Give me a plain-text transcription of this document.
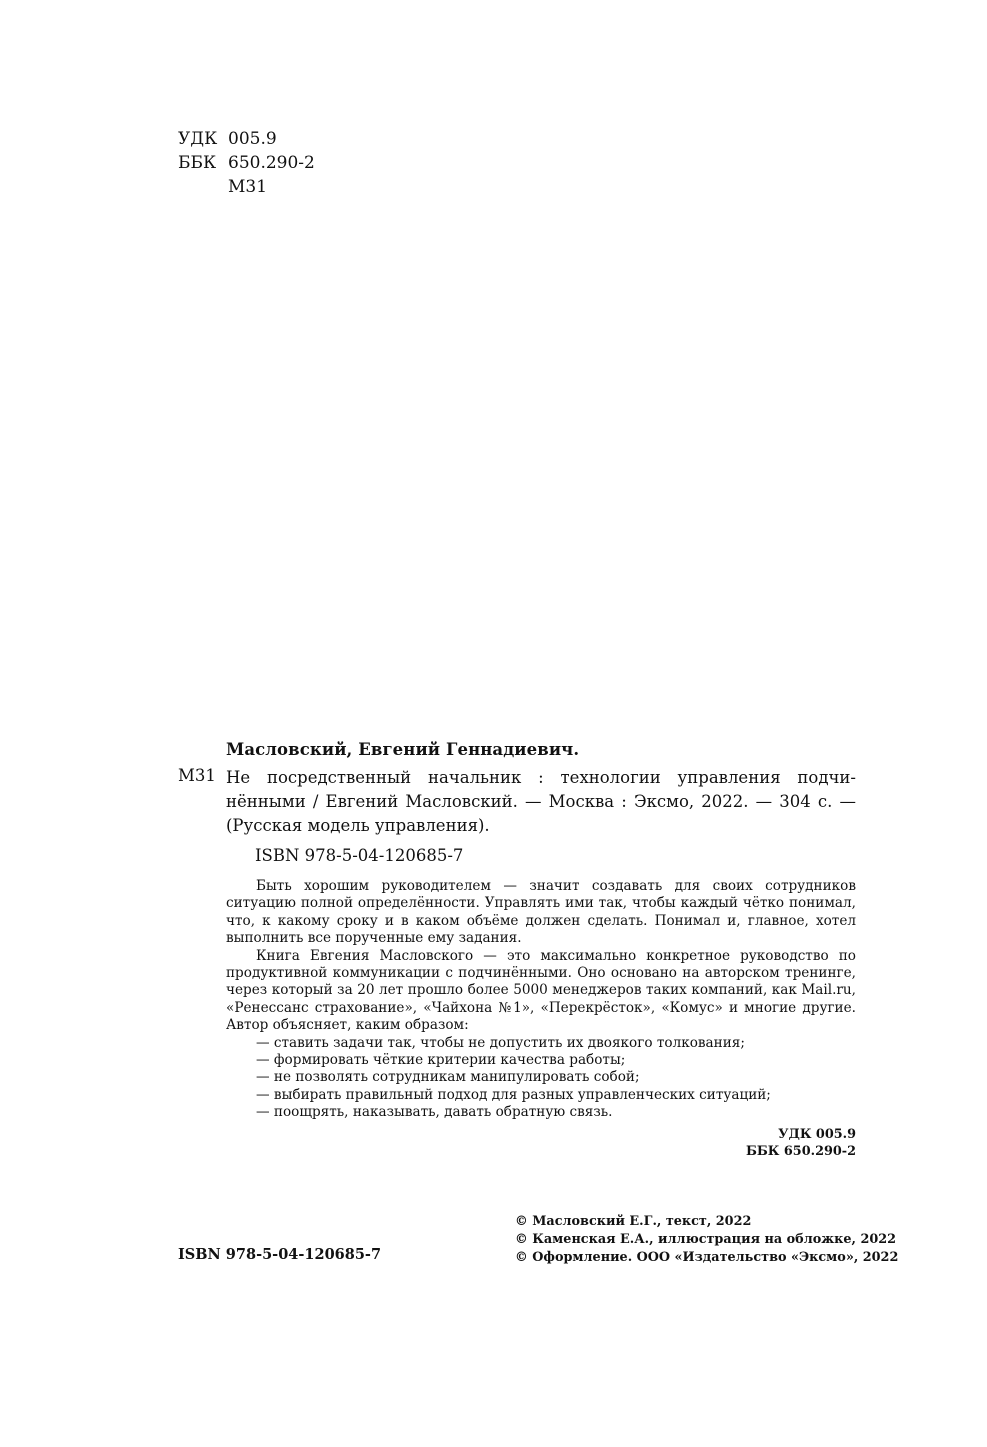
УДК 005.9
ББК 650.290-2
М31
Масловский, Евгений Геннадиевич.
М31 Не посредственный начальник : технологии управления подчи-нёнными / Евгений Масловский. — Москва : Эксмо, 2022. — 304 с. — (Русская модель управления).
ISBN 978-5-04-120685-7

Быть хорошим руководителем — значит создавать для своих сотрудников ситуацию полной определённости. Управлять ими так, чтобы каждый чётко понимал, что, к какому сроку и в каком объёме должен сделать. Понимал и, главное, хотел выполнить все порученные ему задания.

Книга Евгения Масловского — это максимально конкретное руководство по продуктивной коммуникации с подчинёнными. Оно основано на авторском тренинге, через который за 20 лет прошло более 5000 менеджеров таких компаний, как Mail.ru, «Ренессанс страхование», «Чайхона №1», «Перекрёсток», «Комус» и многие другие. Автор объясняет, каким образом:

— ставить задачи так, чтобы не допустить их двоякого толкования;
— формировать чёткие критерии качества работы;
— не позволять сотрудникам манипулировать собой;
— выбирать правильный подход для разных управленческих ситуаций;
— поощрять, наказывать, давать обратную связь.
УДК 005.9
ББК 650.290-2
ISBN 978-5-04-120685-7
© Масловский Е.Г., текст, 2022
© Каменская Е.А., иллюстрация на обложке, 2022
© Оформление. ООО «Издательство «Эксмо», 2022
